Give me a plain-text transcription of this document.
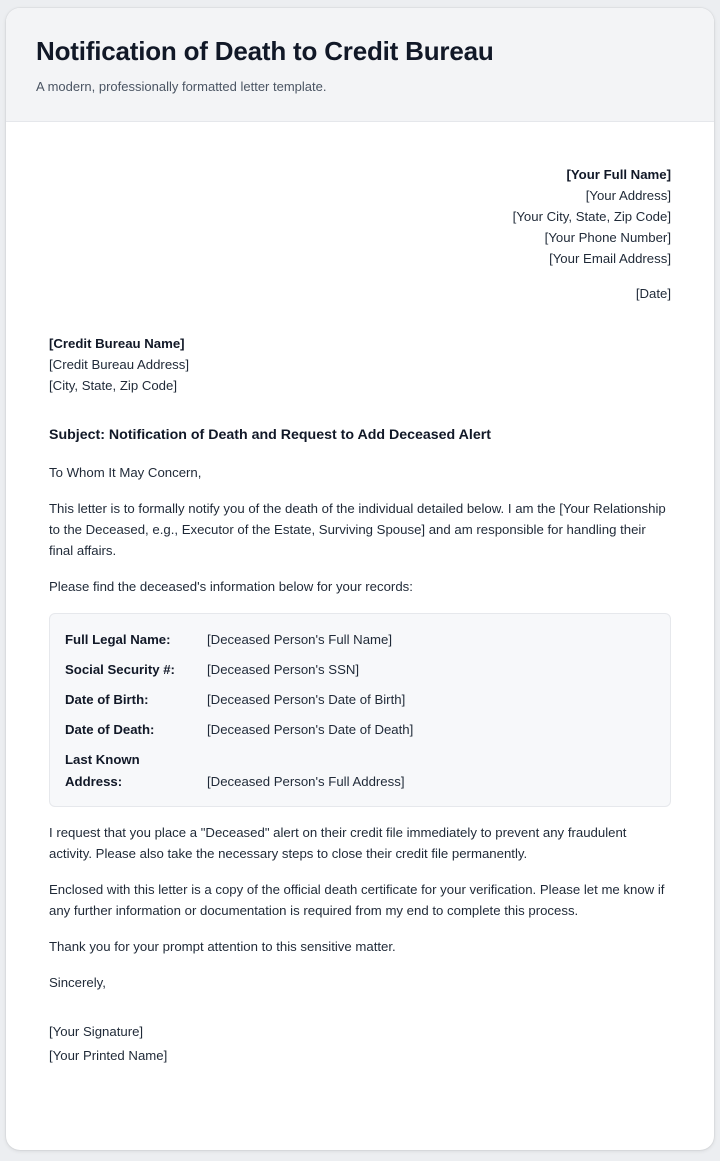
Notification of Death to Credit Bureau
A modern, professionally formatted letter template.
[Your Full Name]
[Your Address]
[Your City, State, Zip Code]
[Your Phone Number]
[Your Email Address]
[Date]
[Credit Bureau Name]
[Credit Bureau Address]
[City, State, Zip Code]
Subject: Notification of Death and Request to Add Deceased Alert

To Whom It May Concern,

This letter is to formally notify you of the death of the individual detailed below. I am the [Your Relationship to the Deceased, e.g., Executor of the Estate, Surviving Spouse] and am responsible for handling their final affairs.

Please find the deceased's information below for your records:

Full Legal Name:	[Deceased Person's Full Name]
Social Security #:	[Deceased Person's SSN]
Date of Birth:	[Deceased Person's Date of Birth]
Date of Death:	[Deceased Person's Date of Death]
Last Known Address:	[Deceased Person's Full Address]

I request that you place a "Deceased" alert on their credit file immediately to prevent any fraudulent activity. Please also take the necessary steps to close their credit file permanently.

Enclosed with this letter is a copy of the official death certificate for your verification. Please let me know if any further information or documentation is required from my end to complete this process.

Thank you for your prompt attention to this sensitive matter.

Sincerely,
[Your Signature]
[Your Printed Name]
